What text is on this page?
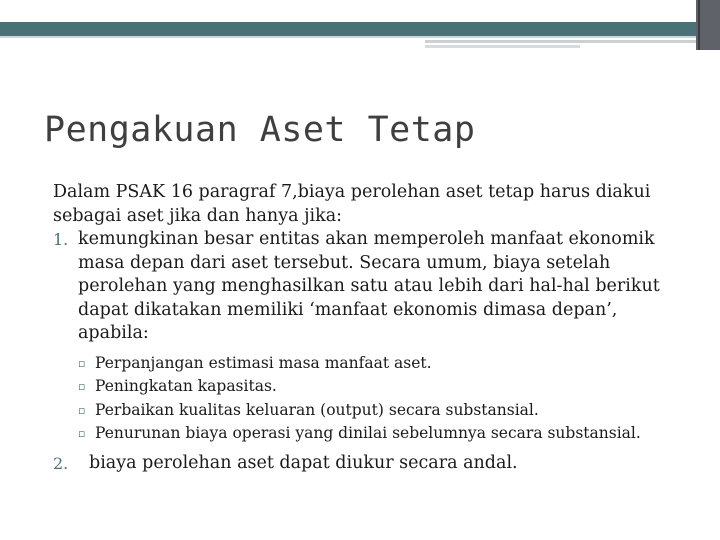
Pengakuan Aset Tetap

Dalam PSAK 16 paragraf 7,biaya perolehan aset tetap harus diakui sebagai aset jika dan hanya jika:

1. kemungkinan besar entitas akan memperoleh manfaat ekonomik masa depan dari aset tersebut. Secara umum, biaya setelah perolehan yang menghasilkan satu atau lebih dari hal-hal berikut dapat dikatakan memiliki ‘manfaat ekonomis dimasa depan’, apabila:
▫ Perpanjangan estimasi masa manfaat aset.
▫ Peningkatan kapasitas.
▫ Perbaikan kualitas keluaran (output) secara substansial.
▫ Penurunan biaya operasi yang dinilai sebelumnya secara substansial.
2. biaya perolehan aset dapat diukur secara andal.
